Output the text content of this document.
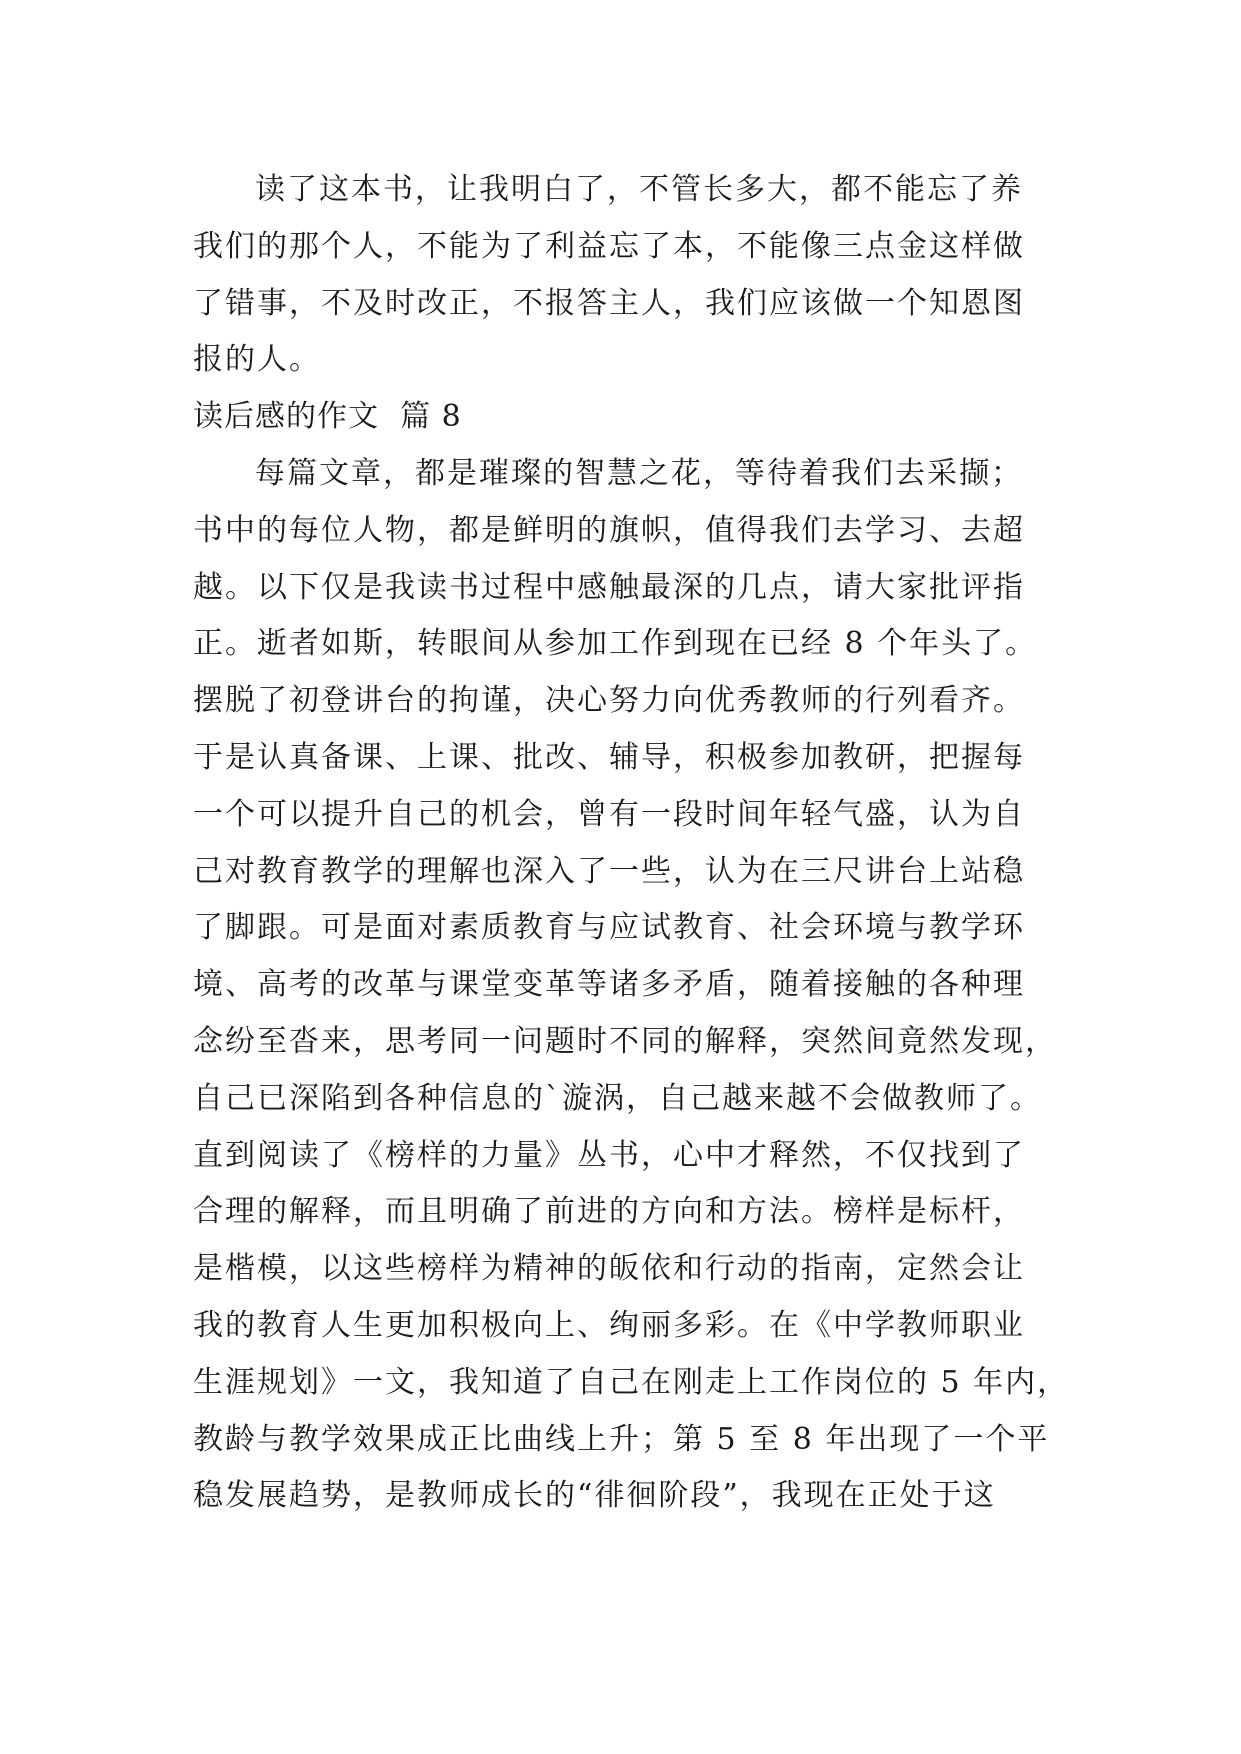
读了这本书，让我明白了，不管长多大，都不能忘了养
我们的那个人，不能为了利益忘了本，不能像三点金这样做
了错事，不及时改正，不报答主人，我们应该做一个知恩图
报的人。
读后感的作文  篇 8
每篇文章，都是璀璨的智慧之花，等待着我们去采撷；
书中的每位人物，都是鲜明的旗帜，值得我们去学习、去超
越。以下仅是我读书过程中感触最深的几点，请大家批评指
正。逝者如斯，转眼间从参加工作到现在已经 8 个年头了。
摆脱了初登讲台的拘谨，决心努力向优秀教师的行列看齐。
于是认真备课、上课、批改、辅导，积极参加教研，把握每
一个可以提升自己的机会，曾有一段时间年轻气盛，认为自
己对教育教学的理解也深入了一些，认为在三尺讲台上站稳
了脚跟。可是面对素质教育与应试教育、社会环境与教学环
境、高考的改革与课堂变革等诸多矛盾，随着接触的各种理
念纷至沓来，思考同一问题时不同的解释，突然间竟然发现，
自己已深陷到各种信息的`漩涡，自己越来越不会做教师了。
直到阅读了《榜样的力量》丛书，心中才释然，不仅找到了
合理的解释，而且明确了前进的方向和方法。榜样是标杆，
是楷模，以这些榜样为精神的皈依和行动的指南，定然会让
我的教育人生更加积极向上、绚丽多彩。在《中学教师职业
生涯规划》一文，我知道了自己在刚走上工作岗位的 5 年内，
教龄与教学效果成正比曲线上升；第 5 至 8 年出现了一个平
稳发展趋势，是教师成长的“徘徊阶段”，我现在正处于这
